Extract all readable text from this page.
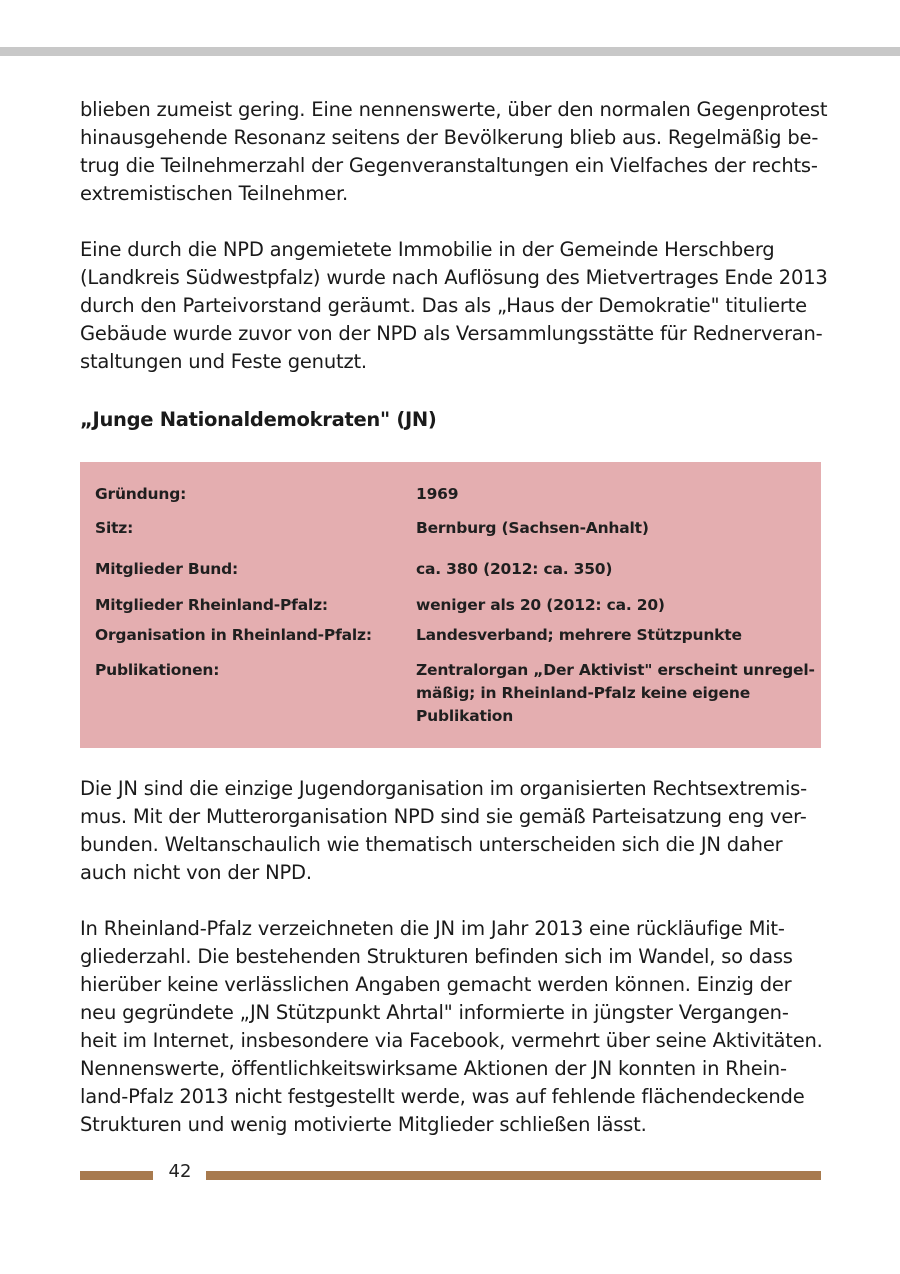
blieben zumeist gering. Eine nennenswerte, über den normalen Gegenprotest
hinausgehende Resonanz seitens der Bevölkerung blieb aus. Regelmäßig be-
trug die Teilnehmerzahl der Gegenveranstaltungen ein Vielfaches der rechts-
extremistischen Teilnehmer.

Eine durch die NPD angemietete Immobilie in der Gemeinde Herschberg
(Landkreis Südwestpfalz) wurde nach Auflösung des Mietvertrages Ende 2013
durch den Parteivorstand geräumt. Das als „Haus der Demokratie" titulierte
Gebäude wurde zuvor von der NPD als Versammlungsstätte für Rednerveran-
staltungen und Feste genutzt.

„Junge Nationaldemokraten" (JN)
Gründung:	1969
Sitz:	Bernburg (Sachsen-Anhalt)
Mitglieder Bund:	ca. 380 (2012: ca. 350)
Mitglieder Rheinland-Pfalz:	weniger als 20 (2012: ca. 20)
Organisation in Rheinland-Pfalz:	Landesverband; mehrere Stützpunkte
Publikationen:	Zentralorgan „Der Aktivist" erscheint unregel-
mäßig; in Rheinland-Pfalz keine eigene
Publikation

Die JN sind die einzige Jugendorganisation im organisierten Rechtsextremis-
mus. Mit der Mutterorganisation NPD sind sie gemäß Parteisatzung eng ver-
bunden. Weltanschaulich wie thematisch unterscheiden sich die JN daher
auch nicht von der NPD.

In Rheinland-Pfalz verzeichneten die JN im Jahr 2013 eine rückläufige Mit-
gliederzahl. Die bestehenden Strukturen befinden sich im Wandel, so dass
hierüber keine verlässlichen Angaben gemacht werden können. Einzig der
neu gegründete „JN Stützpunkt Ahrtal" informierte in jüngster Vergangen-
heit im Internet, insbesondere via Facebook, vermehrt über seine Aktivitäten.
Nennenswerte, öffentlichkeitswirksame Aktionen der JN konnten in Rhein-
land-Pfalz 2013 nicht festgestellt werde, was auf fehlende flächendeckende
Strukturen und wenig motivierte Mitglieder schließen lässt.

42
